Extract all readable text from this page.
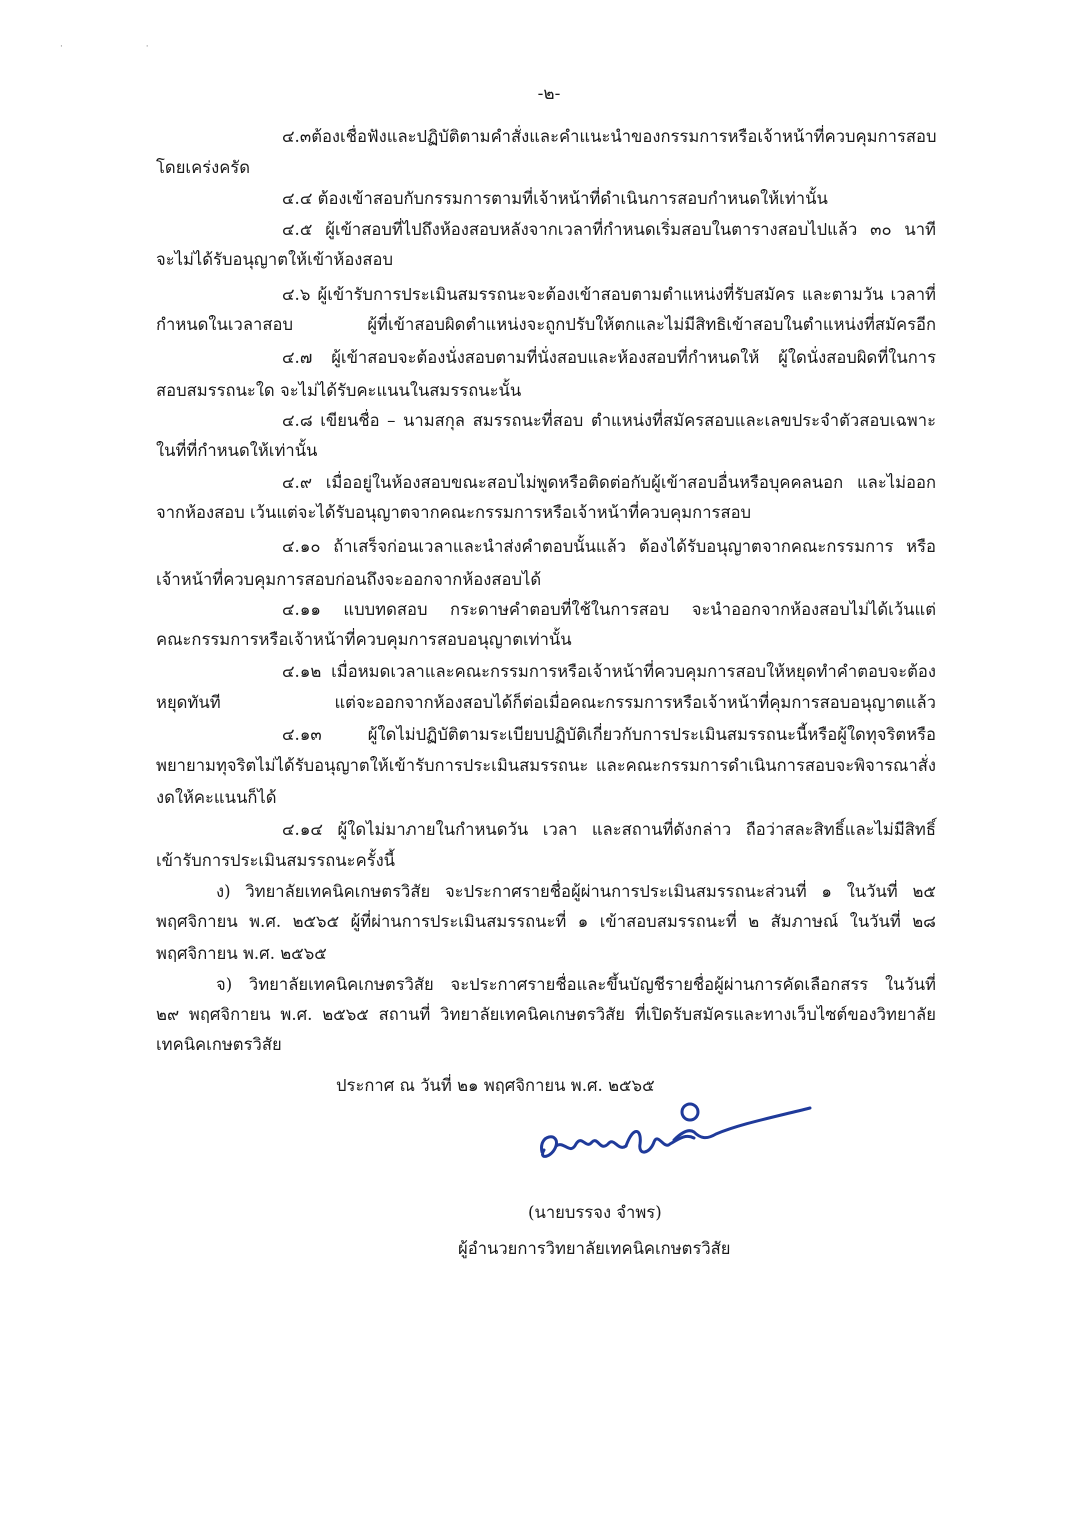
· ·
-๒-
๔.๓ ต้องเชื่อฟังและปฏิบัติตามคำสั่งและคำแนะนำของกรรมการหรือเจ้าหน้าที่ควบคุมการสอบ
โดยเคร่งครัด
๔.๔ ต้องเข้าสอบกับกรรมการตามที่เจ้าหน้าที่ดำเนินการสอบกำหนดให้เท่านั้น
๔.๕ ผู้เข้าสอบที่ไปถึงห้องสอบหลังจากเวลาที่กำหนดเริ่มสอบในตารางสอบไปแล้ว ๓๐ นาที
จะไม่ได้รับอนุญาตให้เข้าห้องสอบ
๔.๖ ผู้เข้ารับการประเมินสมรรถนะจะต้องเข้าสอบตามตำแหน่งที่รับสมัคร และตามวัน เวลาที่
กำหนดในเวลาสอบ	ผู้ที่เข้าสอบผิดตำแหน่งจะถูกปรับให้ตกและไม่มีสิทธิเข้าสอบในตำแหน่งที่สมัครอีก
๔.๗ ผู้เข้าสอบจะต้องนั่งสอบตามที่นั่งสอบและห้องสอบที่กำหนดให้ ผู้ใดนั่งสอบผิดที่ในการ
สอบสมรรถนะใด จะไม่ได้รับคะแนนในสมรรถนะนั้น
๔.๘ เขียนชื่อ – นามสกุล สมรรถนะที่สอบ ตำแหน่งที่สมัครสอบและเลขประจำตัวสอบเฉพาะ
ในที่ที่กำหนดให้เท่านั้น
๔.๙ เมื่ออยู่ในห้องสอบขณะสอบไม่พูดหรือติดต่อกับผู้เข้าสอบอื่นหรือบุคคลนอก และไม่ออก
จากห้องสอบ เว้นแต่จะได้รับอนุญาตจากคณะกรรมการหรือเจ้าหน้าที่ควบคุมการสอบ
๔.๑๐ ถ้าเสร็จก่อนเวลาและนำส่งคำตอบนั้นแล้ว ต้องได้รับอนุญาตจากคณะกรรมการ หรือ
เจ้าหน้าที่ควบคุมการสอบก่อนถึงจะออกจากห้องสอบได้
๔.๑๑ แบบทดสอบ กระดาษคำตอบที่ใช้ในการสอบ จะนำออกจากห้องสอบไม่ได้เว้นแต่
คณะกรรมการหรือเจ้าหน้าที่ควบคุมการสอบอนุญาตเท่านั้น
๔.๑๒ เมื่อหมดเวลาและคณะกรรมการหรือเจ้าหน้าที่ควบคุมการสอบให้หยุดทำคำตอบจะต้อง
หยุดทันที	แต่จะออกจากห้องสอบได้ก็ต่อเมื่อคณะกรรมการหรือเจ้าหน้าที่คุมการสอบอนุญาตแล้ว
๔.๑๓	ผู้ใดไม่ปฏิบัติตามระเบียบปฏิบัติเกี่ยวกับการประเมินสมรรถนะนี้หรือผู้ใดทุจริตหรือ
พยายามทุจริตไม่ได้รับอนุญาตให้เข้ารับการประเมินสมรรถนะ และคณะกรรมการดำเนินการสอบจะพิจารณาสั่ง
งดให้คะแนนก็ได้
๔.๑๔ ผู้ใดไม่มาภายในกำหนดวัน เวลา และสถานที่ดังกล่าว ถือว่าสละสิทธิ์และไม่มีสิทธิ์
เข้ารับการประเมินสมรรถนะครั้งนี้
ง) วิทยาลัยเทคนิคเกษตรวิสัย จะประกาศรายชื่อผู้ผ่านการประเมินสมรรถนะส่วนที่ ๑ ในวันที่ ๒๕
พฤศจิกายน พ.ศ. ๒๕๖๕ ผู้ที่ผ่านการประเมินสมรรถนะที่ ๑ เข้าสอบสมรรถนะที่ ๒ สัมภาษณ์ ในวันที่ ๒๘
พฤศจิกายน พ.ศ. ๒๕๖๕
จ) วิทยาลัยเทคนิคเกษตรวิสัย จะประกาศรายชื่อและขึ้นบัญชีรายชื่อผู้ผ่านการคัดเลือกสรร ในวันที่
๒๙ พฤศจิกายน พ.ศ. ๒๕๖๕ สถานที่ วิทยาลัยเทคนิคเกษตรวิสัย ที่เปิดรับสมัครและทางเว็บไซต์ของวิทยาลัย
เทคนิคเกษตรวิสัย
ประกาศ ณ วันที่ ๒๑ พฤศจิกายน พ.ศ. ๒๕๖๕
(นายบรรจง จำพร)
ผู้อำนวยการวิทยาลัยเทคนิคเกษตรวิสัย
